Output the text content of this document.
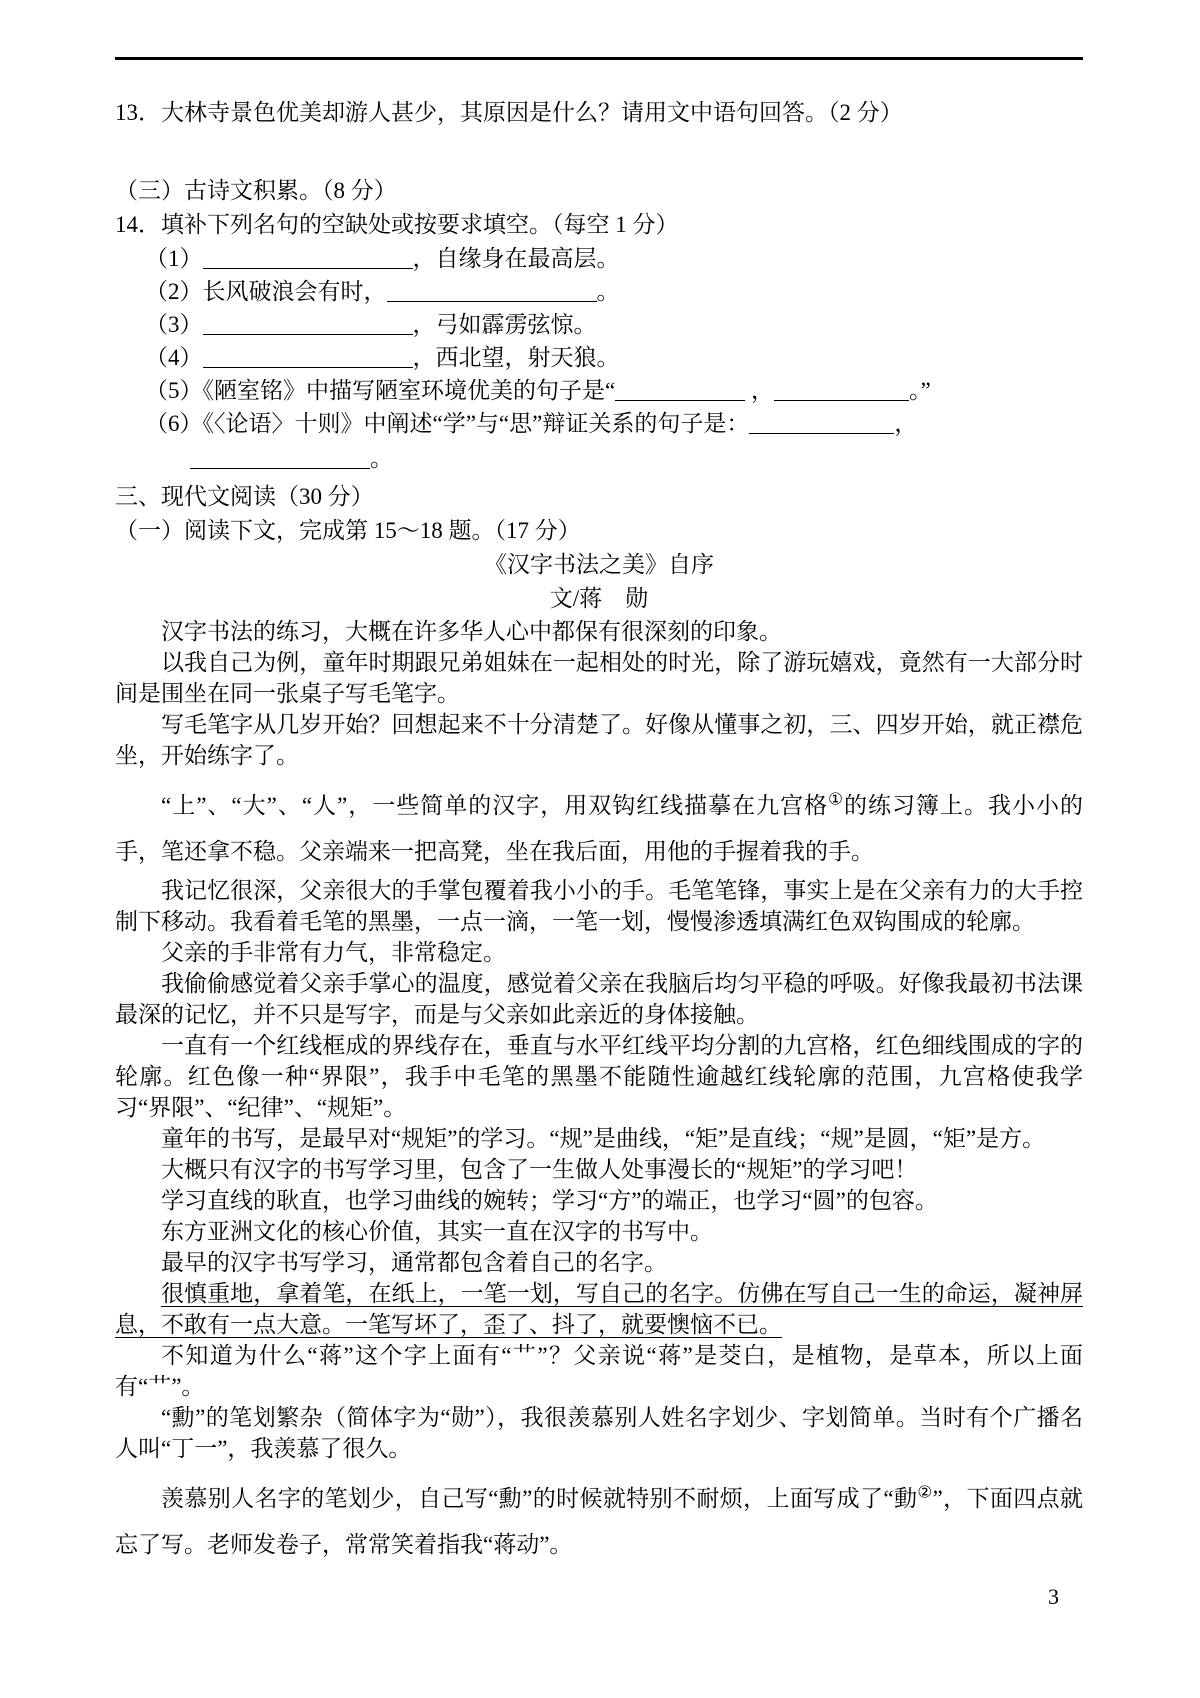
13．大林寺景色优美却游人甚少，其原因是什么？请用文中语句回答。（2 分）
（三）古诗文积累。（8 分）
14．填补下列名句的空缺处或按要求填空。（每空 1 分）
（1）	，自缘身在最高层。
（2）长风破浪会有时，	。
（3）	，弓如霹雳弦惊。
（4）	，西北望，射天狼。
（5）《陋室铭》中描写陋室环境优美的句子是“	，	。”
（6）《〈论语〉十则》中阐述“学”与“思”辩证关系的句子是：	，
。
三、现代文阅读（30 分）
（一）阅读下文，完成第 15～18 题。（17 分）
《汉字书法之美》自序
文/蒋　勋

汉字书法的练习，大概在许多华人心中都保有很深刻的印象。

以我自己为例，童年时期跟兄弟姐妹在一起相处的时光，除了游玩嬉戏，竟然有一大部分时间是围坐在同一张桌子写毛笔字。

写毛笔字从几岁开始？回想起来不十分清楚了。好像从懂事之初，三、四岁开始，就正襟危坐，开始练字了。

“上”、“大”、“人”，一些简单的汉字，用双钩红线描摹在九宫格①的练习簿上。我小小的手，笔还拿不稳。父亲端来一把高凳，坐在我后面，用他的手握着我的手。

我记忆很深，父亲很大的手掌包覆着我小小的手。毛笔笔锋，事实上是在父亲有力的大手控制下移动。我看着毛笔的黑墨，一点一滴，一笔一划，慢慢渗透填满红色双钩围成的轮廓。

父亲的手非常有力气，非常稳定。

我偷偷感觉着父亲手掌心的温度，感觉着父亲在我脑后均匀平稳的呼吸。好像我最初书法课最深的记忆，并不只是写字，而是与父亲如此亲近的身体接触。

一直有一个红线框成的界线存在，垂直与水平红线平均分割的九宫格，红色细线围成的字的轮廓。红色像一种“界限”，我手中毛笔的黑墨不能随性逾越红线轮廓的范围，九宫格使我学习“界限”、“纪律”、“规矩”。

童年的书写，是最早对“规矩”的学习。“规”是曲线，“矩”是直线；“规”是圆，“矩”是方。

大概只有汉字的书写学习里，包含了一生做人处事漫长的“规矩”的学习吧！

学习直线的耿直，也学习曲线的婉转；学习“方”的端正，也学习“圆”的包容。

东方亚洲文化的核心价值，其实一直在汉字的书写中。

最早的汉字书写学习，通常都包含着自己的名字。

很慎重地，拿着笔，在纸上，一笔一划，写自己的名字。仿佛在写自己一生的命运，凝神屏息，不敢有一点大意。一笔写坏了，歪了、抖了，就要懊恼不已。

不知道为什么“蒋”这个字上面有“艹”？父亲说“蒋”是茭白，是植物，是草本，所以上面有“艹”。

“勳”的笔划繁杂（简体字为“勋”），我很羡慕别人姓名字划少、字划简单。当时有个广播名人叫“丁一”，我羡慕了很久。

羡慕别人名字的笔划少，自己写“勳”的时候就特别不耐烦，上面写成了“動②”，下面四点就忘了写。老师发卷子，常常笑着指我“蒋动”。

3
